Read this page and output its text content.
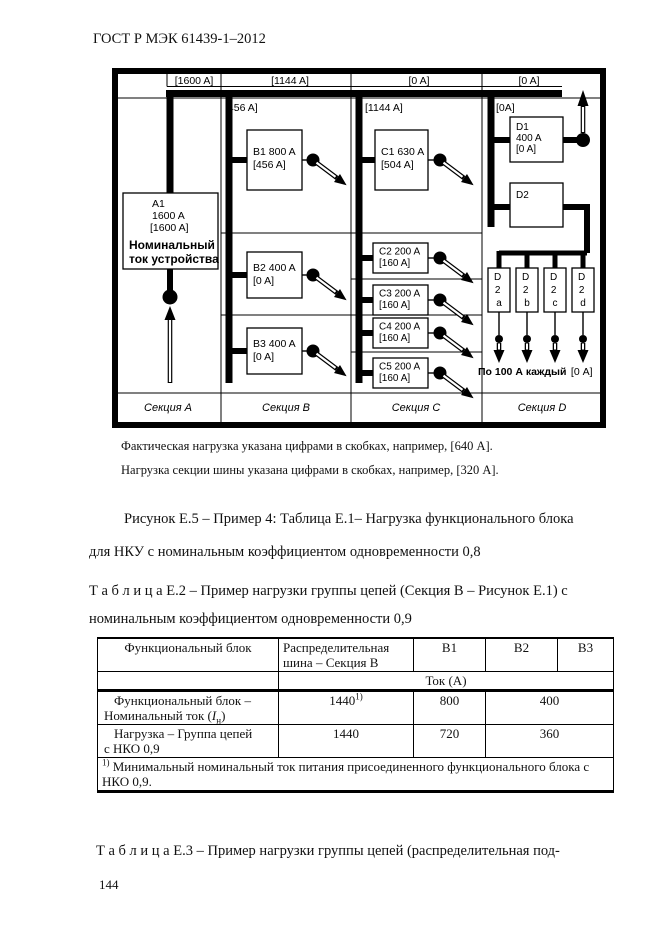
ГОСТ Р МЭК 61439-1–2012
[1600 A]	[1144 A]	[0 A]	[0 A]
[456 A]	[1144 A]	[0A]
A1 1600 A [1600 A] Номинальный ток устройства
B1 800 A [456 A]
B2 400 A [0 A]
B3 400 A [0 A]
C1 630 A [504 A]
C2 200 A [160 A]
C3 200 A [160 A]
C4 200 A [160 A]
C5 200 A [160 A]
D1 400 A [0 A]
D2
D 2 a
D 2 b
D 2 c
D 2 d
По 100 А каждый [0 А]
Секция А	Секция В	Секция С	Секция D
Фактическая нагрузка указана цифрами в скобках, например, [640 А].
Нагрузка секции шины указана цифрами в скобках, например, [320 А].
Рисунок Е.5 – Пример 4: Таблица Е.1– Нагрузка функционального блока
для НКУ с номинальным коэффициентом одновременности 0,8
Т а б л и ц а Е.2 – Пример нагрузки группы цепей (Секция В – Рисунок Е.1) с
номинальным коэффициентом одновременности 0,9
Функциональный блок	Распределительная
шина – Секция В	B1	B2	B3
	Ток (А)			

Функциональный блок –
Номинальный ток $(I_н)$	1440$^{1)}$	800	400	

Нагрузка – Группа цепей
с НКО 0,9	1440	720	360	
$^{1)}$ Минимальный номинальный ток питания присоединенного функционального блока с НКО 0,9.				
Т а б л и ц а Е.3 – Пример нагрузки группы цепей (распределительная под-
144
